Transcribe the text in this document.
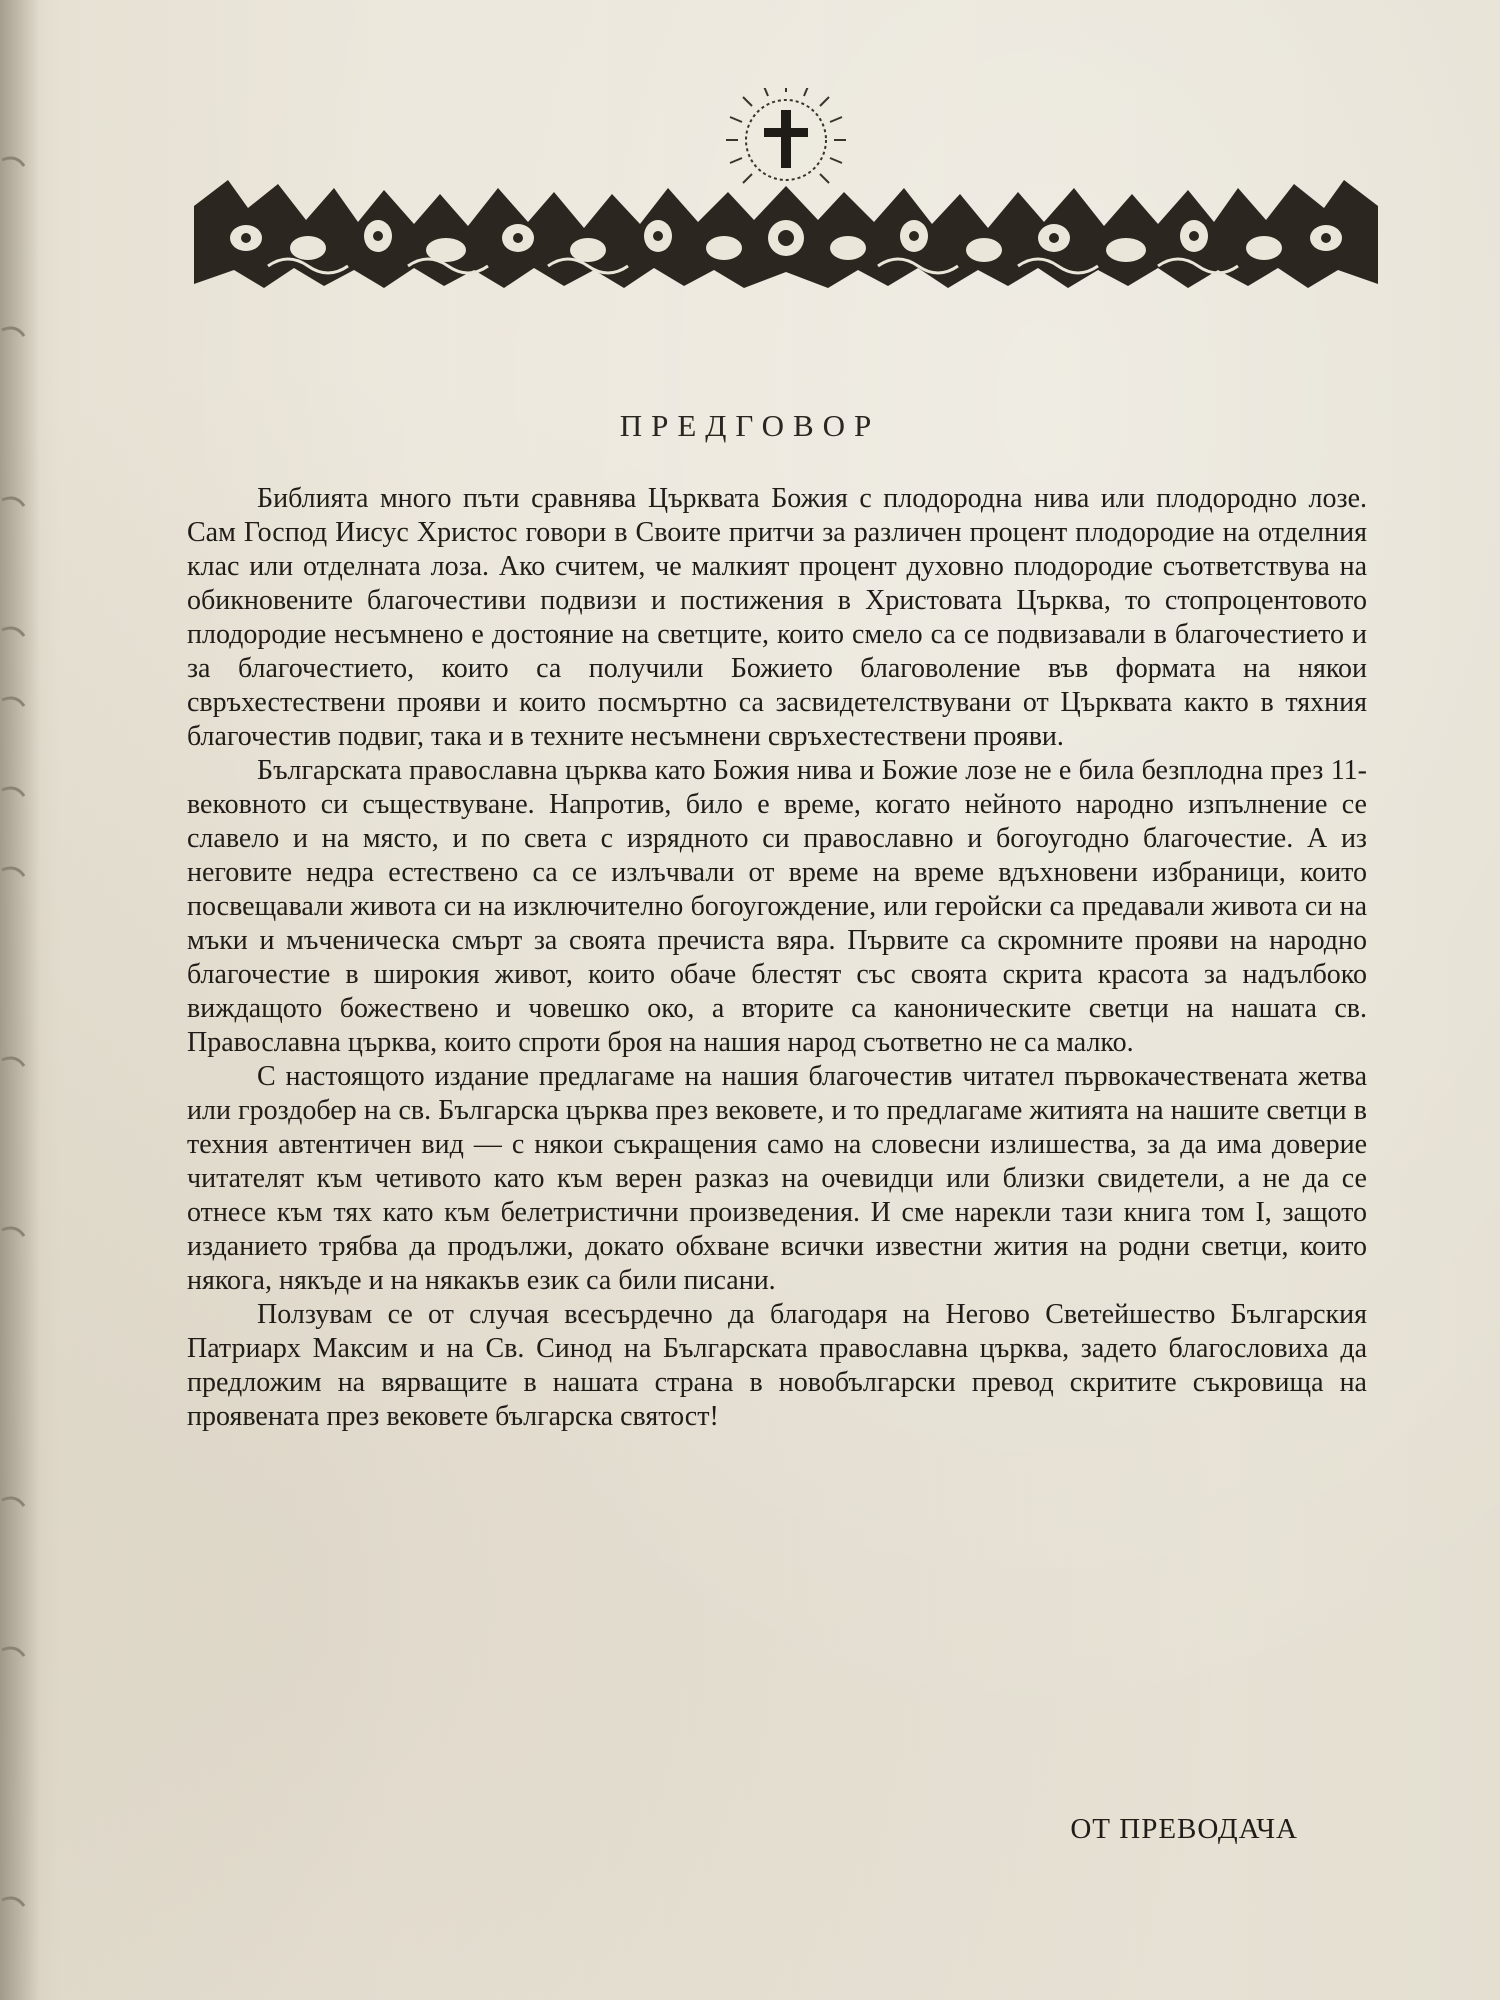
ПРЕДГОВОР

Библията много пъти сравнява Църквата Божия с плодородна нива или плодородно лозе. Сам Господ Иисус Христос говори в Своите притчи за различен процент плодородие на отделния клас или отделната лоза. Ако считем, че малкият процент духовно плодородие съответствува на обикновените благочестиви подвизи и постижения в Христовата Църква, то стопроцентовото плодородие несъмнено е достояние на светците, които смело са се подвизавали в благочестието и за благочестието, които са получили Божието благоволение във формата на някои свръхестествени прояви и които посмъртно са засвидетелствувани от Църквата както в тяхния благочестив подвиг, така и в техните несъмнени свръхестествени прояви.

Българската православна църква като Божия нива и Божие лозе не е била безплодна през 11-вековното си съществуване. Напротив, било е време, когато нейното народно изпълнение се славело и на място, и по света с изрядното си православно и богоугодно благочестие. А из неговите недра естествено са се излъчвали от време на време вдъхновени избраници, които посвещавали живота си на изключително богоугождение, или геройски са предавали живота си на мъки и мъченическа смърт за своята пречиста вяра. Първите са скромните прояви на народно благочестие в широкия живот, които обаче блестят със своята скрита красота за надълбоко виждащото божествено и човешко око, а вторите са каноническите светци на нашата св. Православна църква, които спроти броя на нашия народ съответно не са малко.

С настоящото издание предлагаме на нашия благочестив читател първокачествената жетва или гроздобер на св. Българска църква през вековете, и то предлагаме житията на нашите светци в техния автентичен вид — с някои съкращения само на словесни излишества, за да има доверие читателят към четивото като към верен разказ на очевидци или близки свидетели, а не да се отнесе към тях като към белетристични произведения. И сме нарекли тази книга том I, защото изданието трябва да продължи, докато обхване всички известни жития на родни светци, които някога, някъде и на някакъв език са били писани.

Ползувам се от случая всесърдечно да благодаря на Негово Светейшество Българския Патриарх Максим и на Св. Синод на Българската православна църква, задето благословиха да предложим на вярващите в нашата страна в новобългарски превод скритите съкровища на проявената през вековете българска святост!

ОТ ПРЕВОДАЧА
